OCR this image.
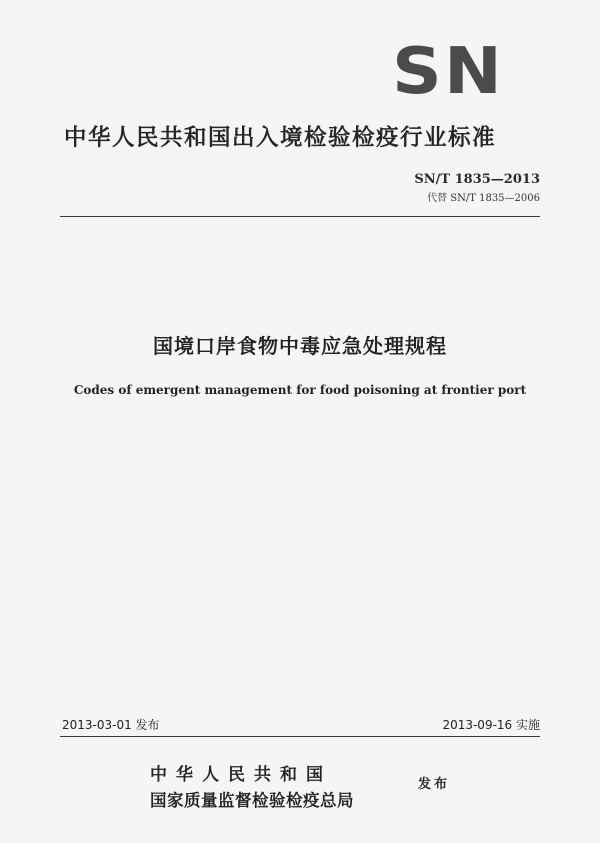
SN
中华人民共和国出入境检验检疫行业标准
SN/T 1835—2013
代替 SN/T 1835—2006
国境口岸食物中毒应急处理规程
Codes of emergent management for food poisoning at frontier port
2013-03-01 发布	2013-09-16 实施
中华人民共和国
国家质量监督检验检疫总局
发布
